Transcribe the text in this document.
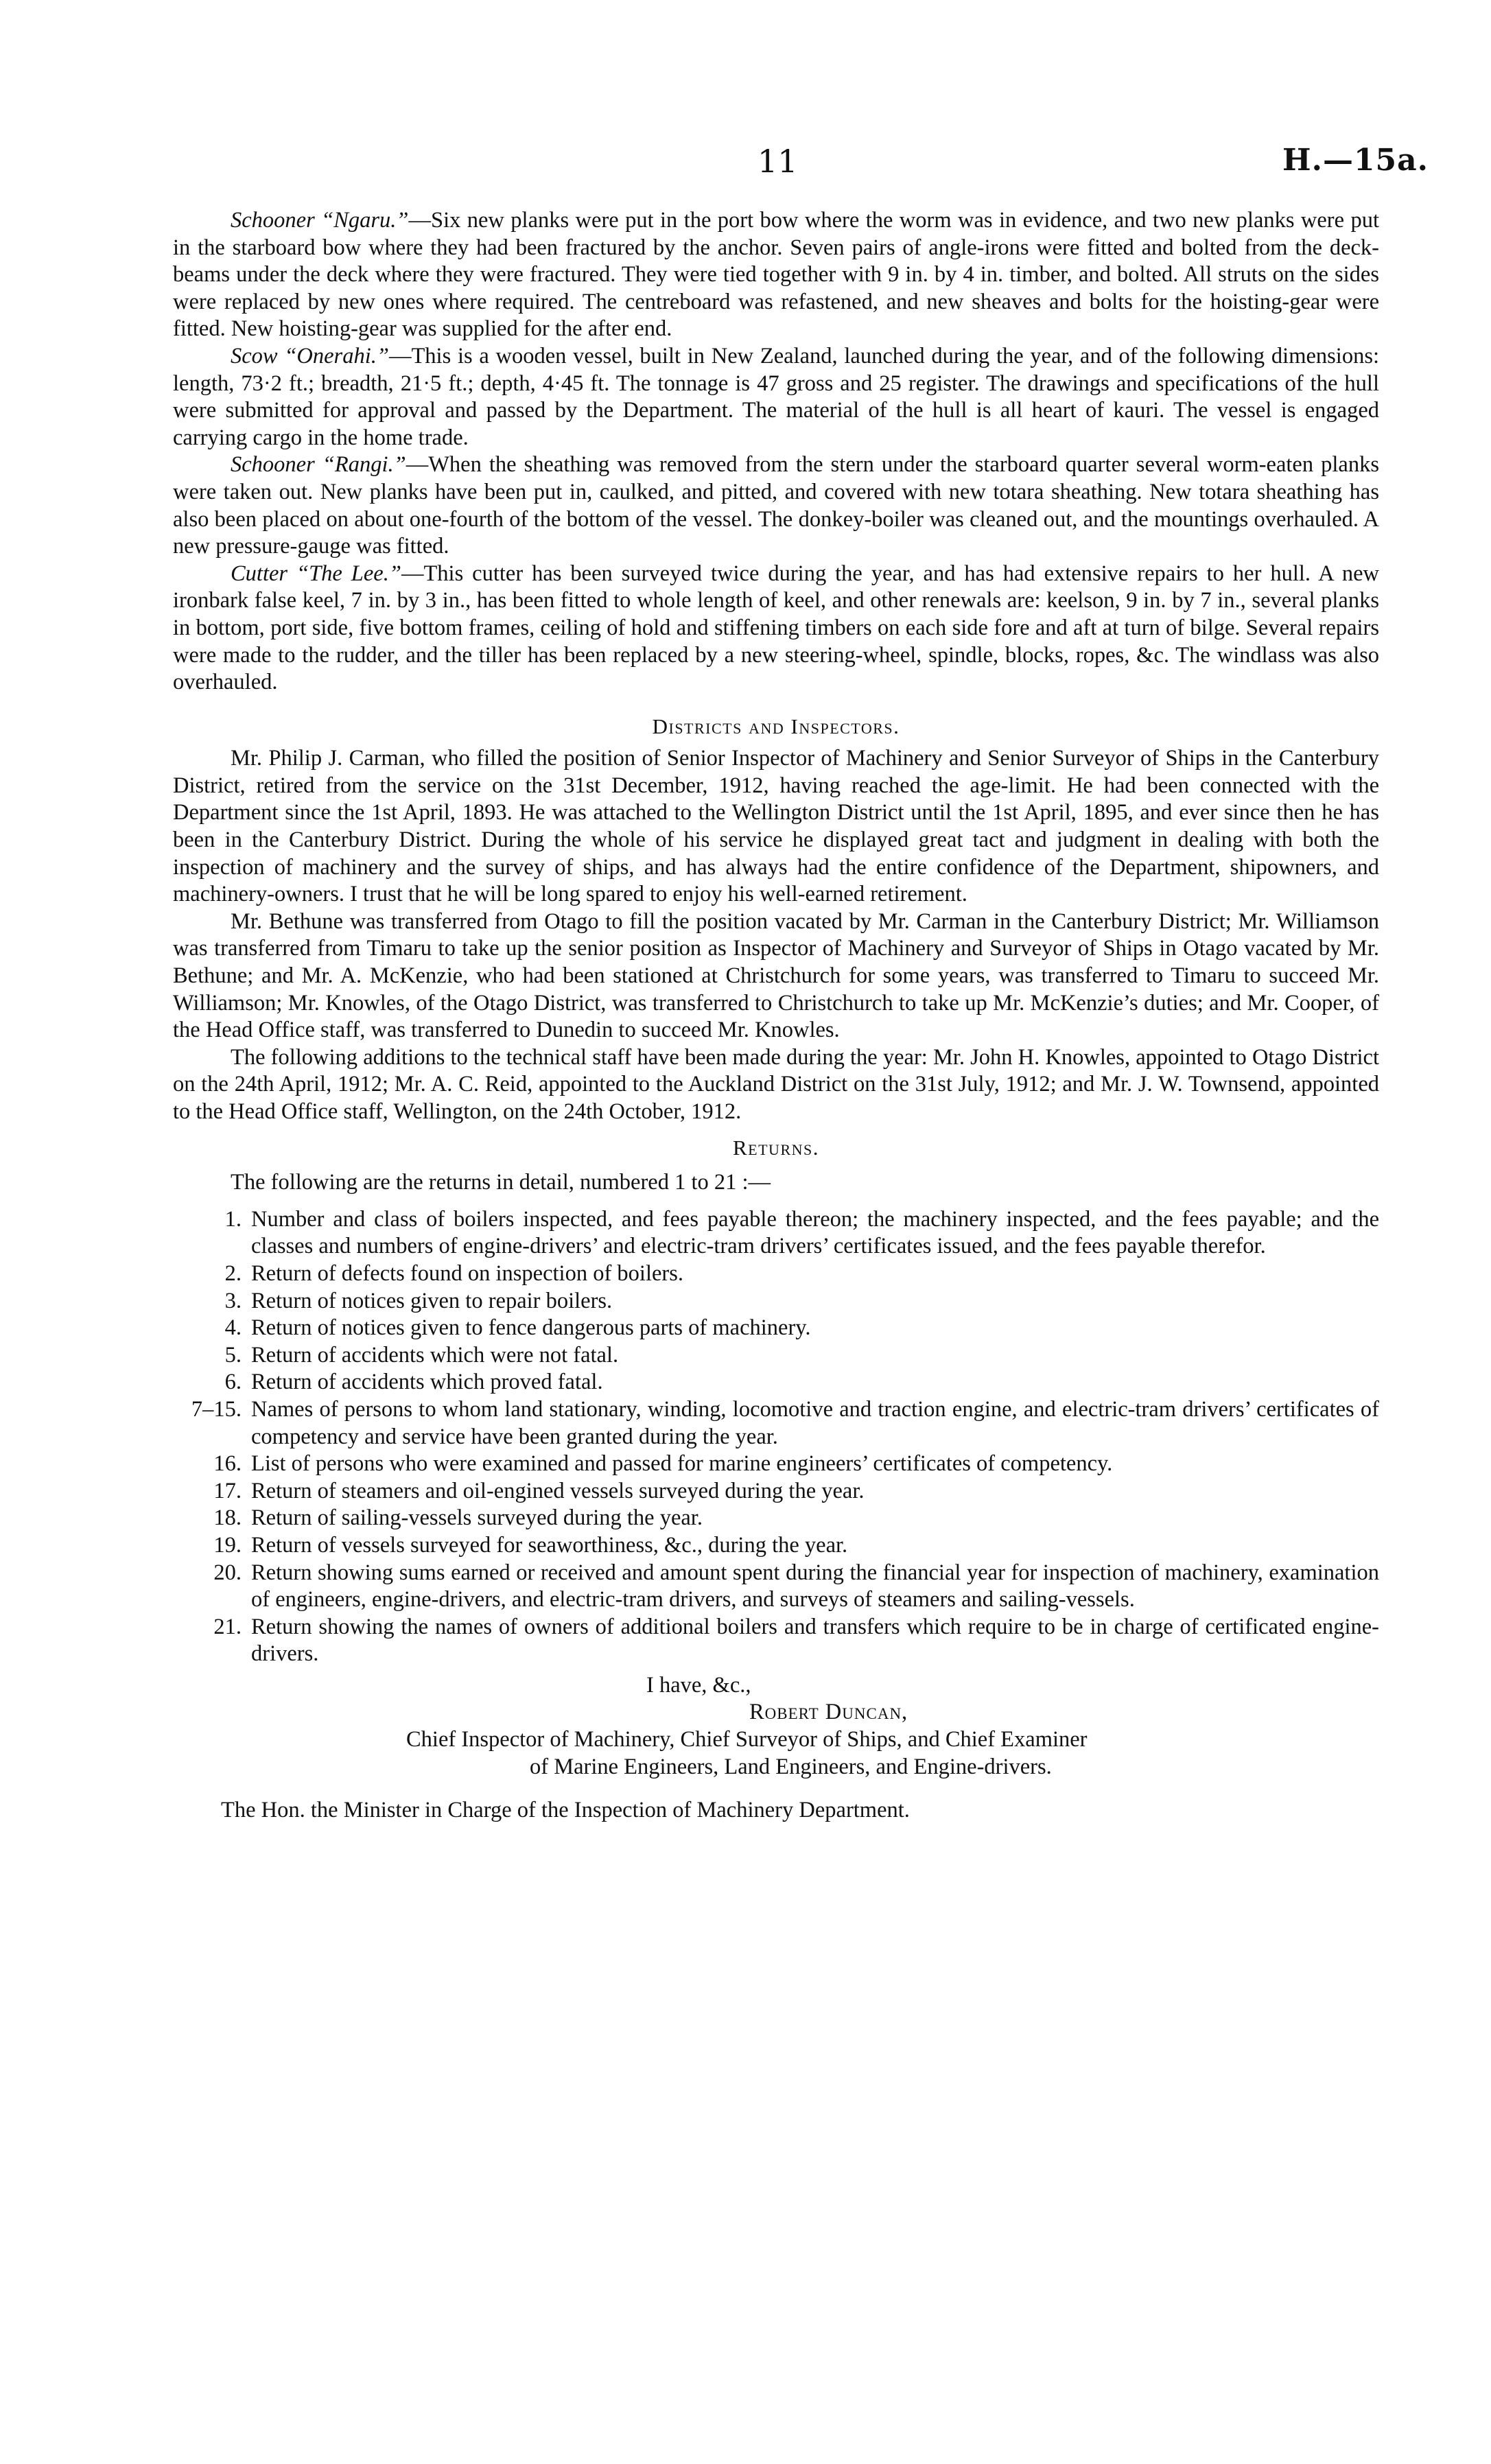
11	H.—15a.

Schooner “Ngaru.”—Six new planks were put in the port bow where the worm was in evidence, and two new planks were put in the starboard bow where they had been fractured by the anchor. Seven pairs of angle-irons were fitted and bolted from the deck-beams under the deck where they were fractured. They were tied together with 9 in. by 4 in. timber, and bolted. All struts on the sides were replaced by new ones where required. The centreboard was refastened, and new sheaves and bolts for the hoisting-gear were fitted. New hoisting-gear was supplied for the after end.

Scow “Onerahi.”—This is a wooden vessel, built in New Zealand, launched during the year, and of the following dimensions: length, 73·2 ft.; breadth, 21·5 ft.; depth, 4·45 ft. The tonnage is 47 gross and 25 register. The drawings and specifications of the hull were submitted for approval and passed by the Department. The material of the hull is all heart of kauri. The vessel is engaged carrying cargo in the home trade.

Schooner “Rangi.”—When the sheathing was removed from the stern under the starboard quarter several worm-eaten planks were taken out. New planks have been put in, caulked, and pitted, and covered with new totara sheathing. New totara sheathing has also been placed on about one-fourth of the bottom of the vessel. The donkey-boiler was cleaned out, and the mountings overhauled. A new pressure-gauge was fitted.

Cutter “The Lee.”—This cutter has been surveyed twice during the year, and has had extensive repairs to her hull. A new ironbark false keel, 7 in. by 3 in., has been fitted to whole length of keel, and other renewals are: keelson, 9 in. by 7 in., several planks in bottom, port side, five bottom frames, ceiling of hold and stiffening timbers on each side fore and aft at turn of bilge. Several repairs were made to the rudder, and the tiller has been replaced by a new steering-wheel, spindle, blocks, ropes, &c. The windlass was also overhauled.

Districts and Inspectors.

Mr. Philip J. Carman, who filled the position of Senior Inspector of Machinery and Senior Surveyor of Ships in the Canterbury District, retired from the service on the 31st December, 1912, having reached the age-limit. He had been connected with the Department since the 1st April, 1893. He was attached to the Wellington District until the 1st April, 1895, and ever since then he has been in the Canterbury District. During the whole of his service he displayed great tact and judgment in dealing with both the inspection of machinery and the survey of ships, and has always had the entire confidence of the Department, shipowners, and machinery-owners. I trust that he will be long spared to enjoy his well-earned retirement.

Mr. Bethune was transferred from Otago to fill the position vacated by Mr. Carman in the Canterbury District; Mr. Williamson was transferred from Timaru to take up the senior position as Inspector of Machinery and Surveyor of Ships in Otago vacated by Mr. Bethune; and Mr. A. McKenzie, who had been stationed at Christchurch for some years, was transferred to Timaru to succeed Mr. Williamson; Mr. Knowles, of the Otago District, was transferred to Christchurch to take up Mr. McKenzie’s duties; and Mr. Cooper, of the Head Office staff, was transferred to Dunedin to succeed Mr. Knowles.

The following additions to the technical staff have been made during the year: Mr. John H. Knowles, appointed to Otago District on the 24th April, 1912; Mr. A. C. Reid, appointed to the Auckland District on the 31st July, 1912; and Mr. J. W. Townsend, appointed to the Head Office staff, Wellington, on the 24th October, 1912.

Returns.

The following are the returns in detail, numbered 1 to 21 :—

1. Number and class of boilers inspected, and fees payable thereon; the machinery inspected, and the fees payable; and the classes and numbers of engine-drivers’ and electric-tram drivers’ certificates issued, and the fees payable therefor.
2. Return of defects found on inspection of boilers.
3. Return of notices given to repair boilers.
4. Return of notices given to fence dangerous parts of machinery.
5. Return of accidents which were not fatal.
6. Return of accidents which proved fatal.
7–15. Names of persons to whom land stationary, winding, locomotive and traction engine, and electric-tram drivers’ certificates of competency and service have been granted during the year.
16. List of persons who were examined and passed for marine engineers’ certificates of competency.
17. Return of steamers and oil-engined vessels surveyed during the year.
18. Return of sailing-vessels surveyed during the year.
19. Return of vessels surveyed for seaworthiness, &c., during the year.
20. Return showing sums earned or received and amount spent during the financial year for inspection of machinery, examination of engineers, engine-drivers, and electric-tram drivers, and surveys of steamers and sailing-vessels.
21. Return showing the names of owners of additional boilers and transfers which require to be in charge of certificated engine-drivers.
I have, &c.,
Robert Duncan,
Chief Inspector of Machinery, Chief Surveyor of Ships, and Chief Examiner
of Marine Engineers, Land Engineers, and Engine-drivers.
The Hon. the Minister in Charge of the Inspection of Machinery Department.
